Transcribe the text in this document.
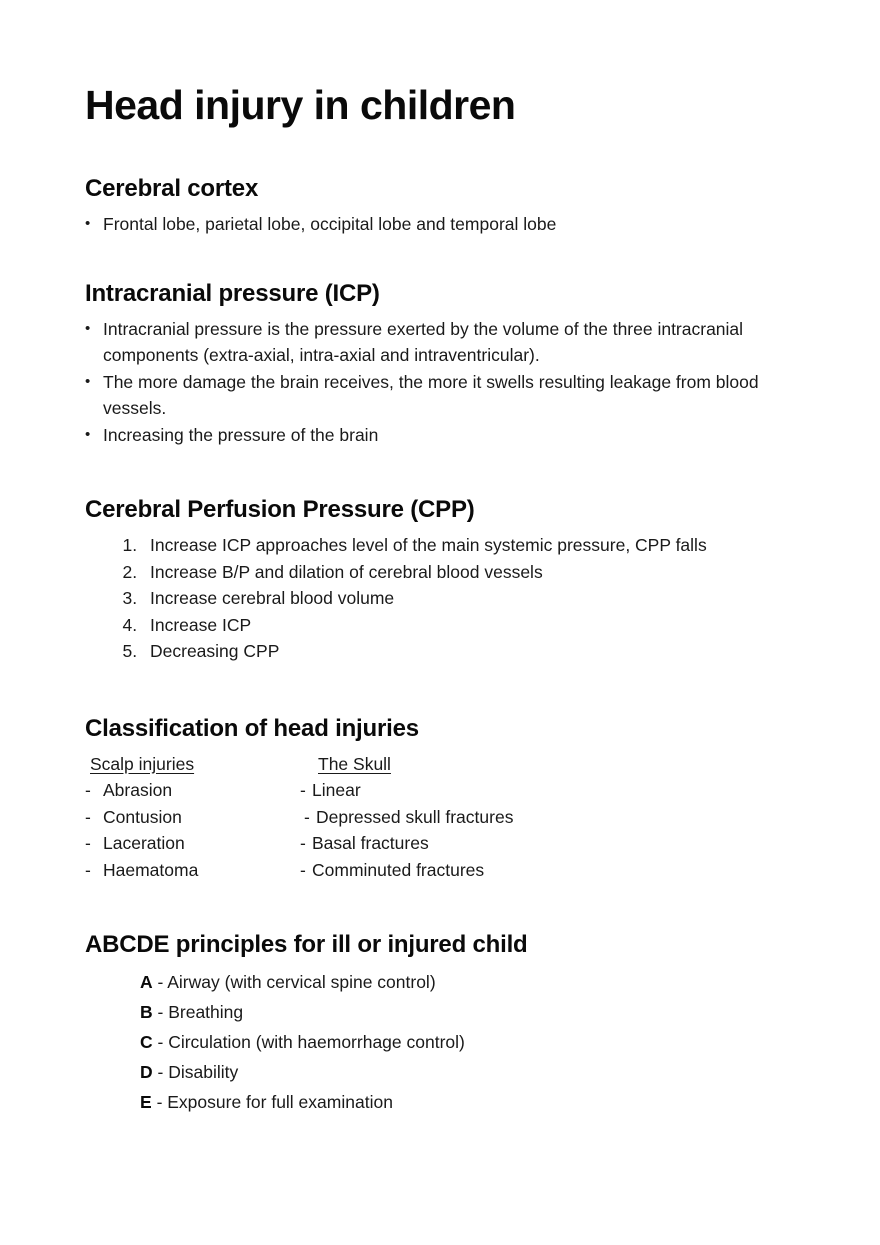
Head injury in children
Cerebral cortex
• Frontal lobe, parietal lobe, occipital lobe and temporal lobe
Intracranial pressure (ICP)
• Intracranial pressure is the pressure exerted by the volume of the three intracranial components (extra-axial, intra-axial and intraventricular).
• The more damage the brain receives, the more it swells resulting leakage from blood vessels.
• Increasing the pressure of the brain
Cerebral Perfusion Pressure (CPP)
1. Increase ICP approaches level of the main systemic pressure, CPP falls
2. Increase B/P and dilation of cerebral blood vessels
3. Increase cerebral blood volume
4. Increase ICP
5. Decreasing CPP
Classification of head injuries
Scalp injuries	The Skull
- Abrasion	- Linear
- Contusion	- Depressed skull fractures
- Laceration	- Basal fractures
- Haematoma	- Comminuted fractures
ABCDE principles for ill or injured child
A - Airway (with cervical spine control)
B - Breathing
C - Circulation (with haemorrhage control)
D - Disability
E - Exposure for full examination
